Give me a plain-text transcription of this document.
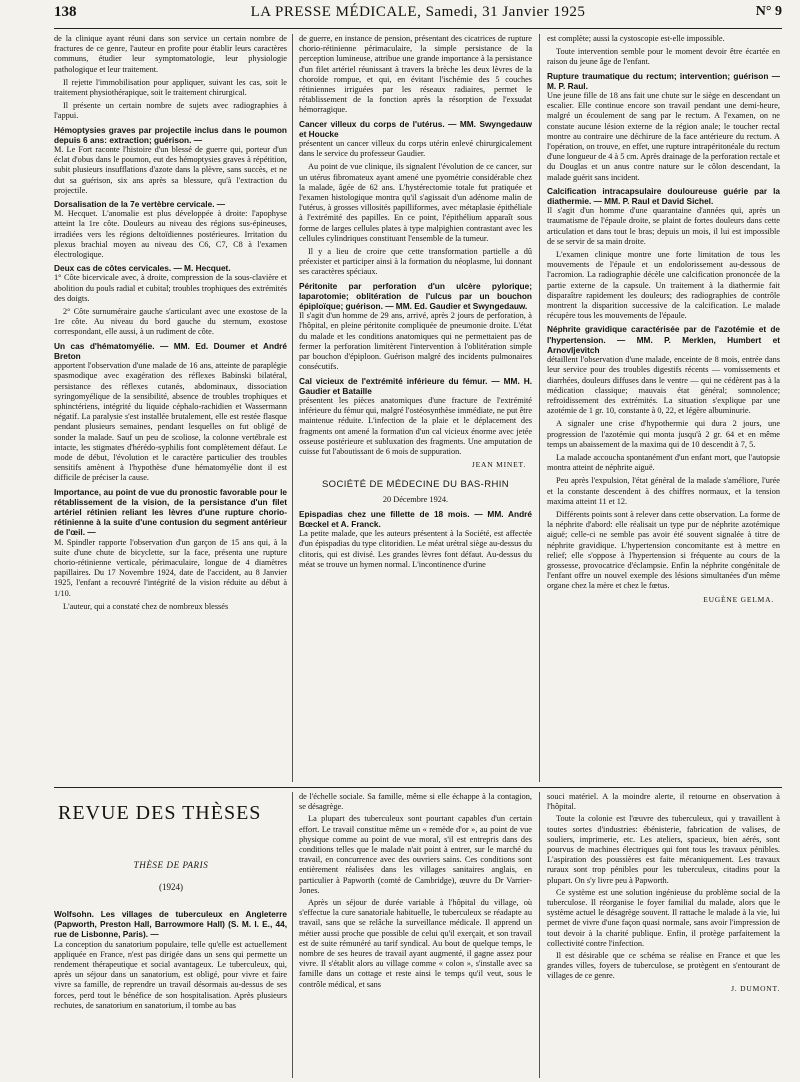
138	LA PRESSE MÉDICALE, Samedi, 31 Janvier 1925	N° 9

de la clinique ayant réuni dans son service un certain nombre de fractures de ce genre, l'auteur en profite pour établir leurs caractères communs, étudier leur symptomatologie, leur physiologie pathologique et leur traitement.

Il rejette l'immobilisation pour appliquer, suivant les cas, soit le traitement physiothérapique, soit le traitement chirurgical.

Il présente un certain nombre de sujets avec radiographies à l'appui.

Hémoptysies graves par projectile inclus dans le poumon depuis 6 ans: extraction; guérison. —

M. Le Fort raconte l'histoire d'un blessé de guerre qui, porteur d'un éclat d'obus dans le poumon, eut des hémoptysies graves à répétition, subit plusieurs insufflations d'azote dans la plèvre, sans succès, et ne dut sa guérison, six ans après sa blessure, qu'à l'extraction du projectile.

Dorsalisation de la 7e vertèbre cervicale. —

M. Hecquet. L'anomalie est plus développée à droite: l'apophyse atteint la 1re côte. Douleurs au niveau des régions sus-épineuses, irradiées vers les régions deltoïdiennes postérieures. Irritation du plexus brachial moyen au niveau des C6, C7, C8 à l'examen électrologique.

Deux cas de côtes cervicales. — M. Hecquet.

1° Côte bicervicale avec, à droite, compression de la sous-clavière et abolition du pouls radial et cubital; troubles trophiques des extrémités des doigts.

2° Côte surnuméraire gauche s'articulant avec une exostose de la 1re côte. Au niveau du bord gauche du sternum, exostose correspondant, elle aussi, à un rudiment de côte.

Un cas d'hématomyélie. — MM. Ed. Doumer et André Breton

apportent l'observation d'une malade de 16 ans, atteinte de paraplégie spasmodique avec exagération des réflexes Babinski bilatéral, persistance des réflexes cutanés, abdominaux, dissociation syringomyélique de la sensibilité, absence de troubles trophiques et sphinctériens, intégrité du liquide céphalo-rachidien et Wassermann négatif. La paralysie s'est installée brutalement, elle est restée flasque pendant plusieurs semaines, pendant lesquelles on fut obligé de sonder la malade. Sauf un peu de scoliose, la colonne vertébrale est intacte, les stigmates d'hérédo-syphilis font complètement défaut. Le mode de début, l'évolution et le caractère particulier des troubles sensitifs amènent à l'hypothèse d'une hématomyélie dont il est difficile de préciser la cause.

Importance, au point de vue du pronostic favorable pour le rétablissement de la vision, de la persistance d'un filet artériel rétinien reliant les lèvres d'une rupture chorio-rétinienne à la suite d'une contusion du segment antérieur de l'œil. —

M. Spindler rapporte l'observation d'un garçon de 15 ans qui, à la suite d'une chute de bicyclette, sur la face, présenta une rupture chorio-rétinienne verticale, périmaculaire, longue de 4 diamètres papillaires. Du 17 Novembre 1924, date de l'accident, au 8 Janvier 1925, l'enfant a recouvré l'intégrité de la vision réduite au début à 1/10.

L'auteur, qui a constaté chez de nombreux blessés

de guerre, en instance de pension, présentant des cicatrices de rupture chorio-rétinienne périmaculaire, la simple persistance de la perception lumineuse, attribue une grande importance à la persistance d'un filet artériel réunissant à travers la brèche les deux lèvres de la choroïde rompue, et qui, en évitant l'ischémie des 5 couches rétiniennes irriguées par les réseaux radiaires, permet le rétablissement de la fonction après la résorption de l'exsudat hémorragique.

Cancer villeux du corps de l'utérus. — MM. Swyngedauw et Houcke

présentent un cancer villeux du corps utérin enlevé chirurgicalement dans le service du professeur Gaudier.

Au point de vue clinique, ils signalent l'évolution de ce cancer, sur un utérus fibromateux ayant amené une pyométrie considérable chez la malade, âgée de 62 ans. L'hystérectomie totale fut pratiquée et l'examen histologique montra qu'il s'agissait d'un adénome malin de l'utérus, à grosses villosités papilliformes, avec métaplasie épithéliale à l'extrémité des papilles. En ce point, l'épithélium apparaît sous forme de larges cellules plates à type malpighien contrastant avec les cellules cylindriques constituant l'ensemble de la tumeur.

Il y a lieu de croire que cette transformation partielle a dû préexister et participer ainsi à la formation du néoplasme, lui donnant ses caractères spéciaux.

Péritonite par perforation d'un ulcère pylorique; laparotomie; oblitération de l'ulcus par un bouchon épiploïque; guérison. — MM. Ed. Gaudier et Swyngedauw.

Il s'agit d'un homme de 29 ans, arrivé, après 2 jours de perforation, à l'hôpital, en pleine péritonite compliquée de pneumonie droite. L'état du malade et les conditions anatomiques qui ne permettaient pas de fermer la perforation limitèrent l'intervention à l'oblitération simple par bouchon d'épiploon. Guérison malgré des incidents pulmonaires consécutifs.

Cal vicieux de l'extrémité inférieure du fémur. — MM. H. Gaudier et Bataille

présentent les pièces anatomiques d'une fracture de l'extrémité inférieure du fémur qui, malgré l'ostéosynthèse immédiate, ne put être maintenue réduite. L'infection de la plaie et le déplacement des fragments ont amené la formation d'un cal vicieux énorme avec jetée osseuse postérieure et subluxation des fragments. Une amputation de cuisse fut l'aboutissant de 6 mois de suppuration.

JEAN MINET.

SOCIÉTÉ DE MÉDECINE DU BAS-RHIN

20 Décembre 1924.

Epispadias chez une fillette de 18 mois. — MM. André Bœckel et A. Franck.

La petite malade, que les auteurs présentent à la Société, est affectée d'un épispadias du type clitoridien. Le méat urétral siège au-dessus du clitoris, qui est divisé. Les grandes lèvres font défaut. Au-dessus du méat se trouve un hymen normal. L'incontinence d'urine

est complète; aussi la cystoscopie est-elle impossible.

Toute intervention semble pour le moment devoir être écartée en raison du jeune âge de l'enfant.

Rupture traumatique du rectum; intervention; guérison — M. P. Raul.

Une jeune fille de 18 ans fait une chute sur le siège en descendant un escalier. Elle continue encore son travail pendant une demi-heure, malgré un écoulement de sang par le rectum. A l'examen, on ne constate aucune lésion externe de la région anale; le toucher rectal montre au contraire une déchirure de la face antérieure du rectum. A l'opération, on trouve, en effet, une rupture intrapéritonéale du rectum d'une longueur de 4 à 5 cm. Après drainage de la perforation rectale et du Douglas et un anus contre nature sur le côlon descendant, la malade guérit sans incident.

Calcification intracapsulaire douloureuse guérie par la diathermie. — MM. P. Raul et David Sichel.

Il s'agit d'un homme d'une quarantaine d'années qui, après un traumatisme de l'épaule droite, se plaint de fortes douleurs dans cette articulation et dans tout le bras; depuis un mois, il lui est impossible de se servir de sa main droite.

L'examen clinique montre une forte limitation de tous les mouvements de l'épaule et un endolorissement au-dessous de l'acromion. La radiographie décèle une calcification prononcée de la partie externe de la capsule. Un traitement à la diathermie fait disparaître rapidement les douleurs; des radiographies de contrôle montrent la disparition successive de la calcification. Le malade récupère tous les mouvements de l'épaule.

Néphrite gravidique caractérisée par de l'azotémie et de l'hypertension. — MM. P. Merklen, Humbert et Arnovljevitch

détaillent l'observation d'une malade, enceinte de 8 mois, entrée dans leur service pour des troubles digestifs récents — vomissements et diarrhées, douleurs diffuses dans le ventre — qui ne cédèrent pas à la médication classique; mauvais état général; somnolence; refroidissement des extrémités. La situation s'explique par une azotémie de 1 gr. 10, constante à 0, 22, et légère albuminurie.

A signaler une crise d'hypothermie qui dura 2 jours, une progression de l'azotémie qui monta jusqu'à 2 gr. 64 et en même temps un abaissement de la maxima qui de 10 descendit à 7, 5.

La malade accoucha spontanément d'un enfant mort, que l'autopsie montra atteint de néphrite aiguë.

Peu après l'expulsion, l'état général de la malade s'améliore, l'urée et la constante descendent à des chiffres normaux, et la tension maxima atteint 11 et 12.

Différents points sont à relever dans cette observation. La forme de la néphrite d'abord: elle réalisait un type pur de néphrite azotémique aiguë; celle-ci ne semble pas avoir été souvent signalée à titre de néphrite gravidique. L'hypertension concomitante est à mettre en relief; elle s'oppose à l'hypertension si fréquente au cours de la grossesse, provocatrice d'éclampsie. Enfin la néphrite congénitale de l'enfant offre un nouvel exemple des lésions simultanées d'un même organe chez la mère et chez le fœtus.

EUGÈNE GELMA.

REVUE DES THÈSES
THÈSE DE PARIS
(1924)
Wolfsohn. Les villages de tuberculeux en Angleterre (Papworth, Preston Hall, Barrowmore Hall) (S. M. I. E., 44, rue de Lisbonne, Paris). —

La conception du sanatorium populaire, telle qu'elle est actuellement appliquée en France, n'est pas dirigée dans un sens qui permette un rendement thérapeutique et social avantageux. Le tuberculeux, qui, après un séjour dans un sanatorium, est obligé, pour vivre et faire vivre sa famille, de reprendre un travail désormais au-dessus de ses forces, perd tout le bénéfice de son hospitalisation. Après plusieurs rechutes, de sanatorium en sanatorium, il tombe au bas

de l'échelle sociale. Sa famille, même si elle échappe à la contagion, se désagrège.

La plupart des tuberculeux sont pourtant capables d'un certain effort. Le travail constitue même un « remède d'or », au point de vue physique comme au point de vue moral, s'il est entrepris dans des conditions telles que le malade n'ait point à entrer, sur le marché du travail, en concurrence avec des ouvriers sains. Ces conditions sont entièrement réalisées dans les villages sanitaires anglais, en particulier à Papworth (comté de Cambridge), œuvre du Dr Varrier-Jones.

Après un séjour de durée variable à l'hôpital du village, où s'effectue la cure sanatoriale habituelle, le tuberculeux se réadapte au travail, sans que se relâche la surveillance médicale. Il apprend un métier aussi proche que possible de celui qu'il exerçait, et son travail est de suite rémunéré au tarif syndical. Au bout de quelque temps, le nombre de ses heures de travail ayant augmenté, il gagne assez pour vivre. Il s'établit alors au village comme « colon », s'installe avec sa famille dans un cottage et reste ainsi le temps qu'il veut, sous le contrôle médical, et sans

souci matériel. A la moindre alerte, il retourne en observation à l'hôpital.

Toute la colonie est l'œuvre des tuberculeux, qui y travaillent à toutes sortes d'industries: ébénisterie, fabrication de valises, de souliers, imprimerie, etc. Les ateliers, spacieux, bien aérés, sont pourvus de machines électriques qui font tous les travaux pénibles. L'aspiration des poussières est faite mécaniquement. Les travaux ruraux sont trop pénibles pour les tuberculeux, citadins pour la plupart. On s'y livre peu à Papworth.

Ce système est une solution ingénieuse du problème social de la tuberculose. Il réorganise le foyer familial du malade, alors que le système actuel le désagrège souvent. Il rattache le malade à la vie, lui permet de vivre d'une façon quasi normale, sans avoir l'impression de tout devoir à la charité publique. Enfin, il protège parfaitement la collectivité contre l'infection.

Il est désirable que ce schéma se réalise en France et que les grandes villes, foyers de tuberculose, se protègent en s'entourant de villages de ce genre.

J. DUMONT.
